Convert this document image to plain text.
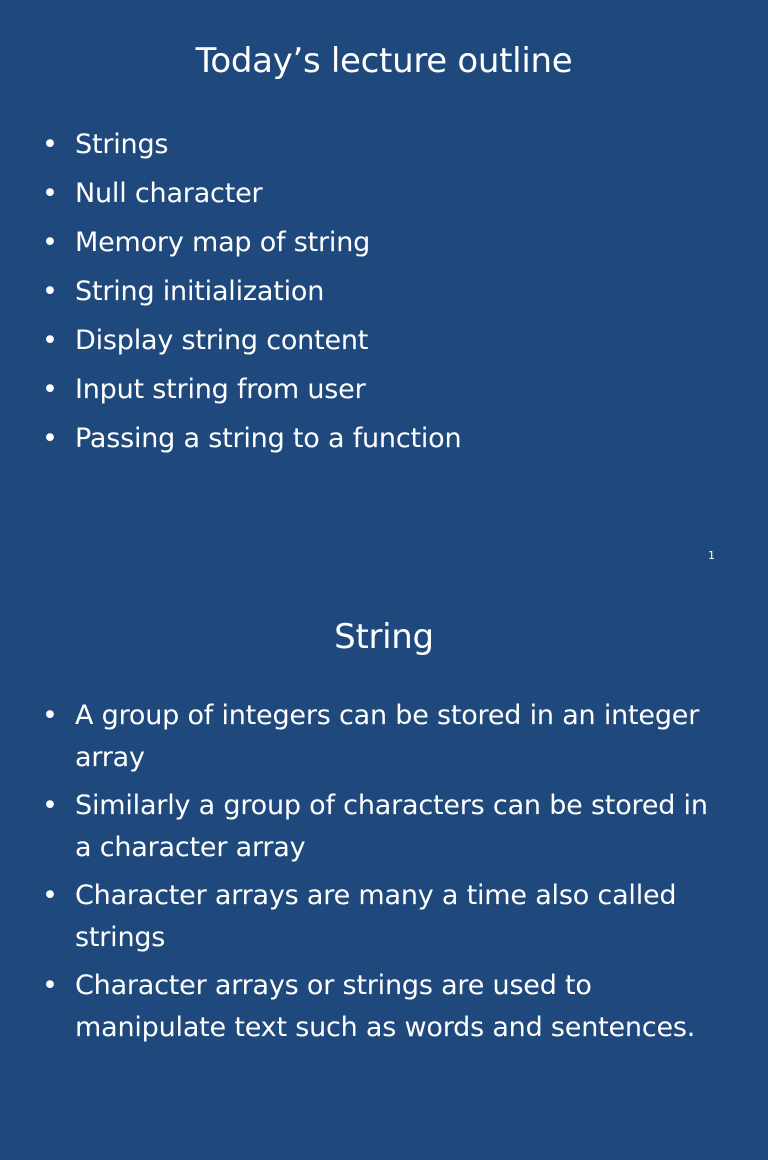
Today’s lecture outline
• Strings
• Null character
• Memory map of string
• String initialization
• Display string content
• Input string from user
• Passing a string to a function
1
String
• A group of integers can be stored in an integer array
• Similarly a group of characters can be stored in a character array
• Character arrays are many a time also called strings
• Character arrays or strings are used to manipulate text such as words and sentences.
